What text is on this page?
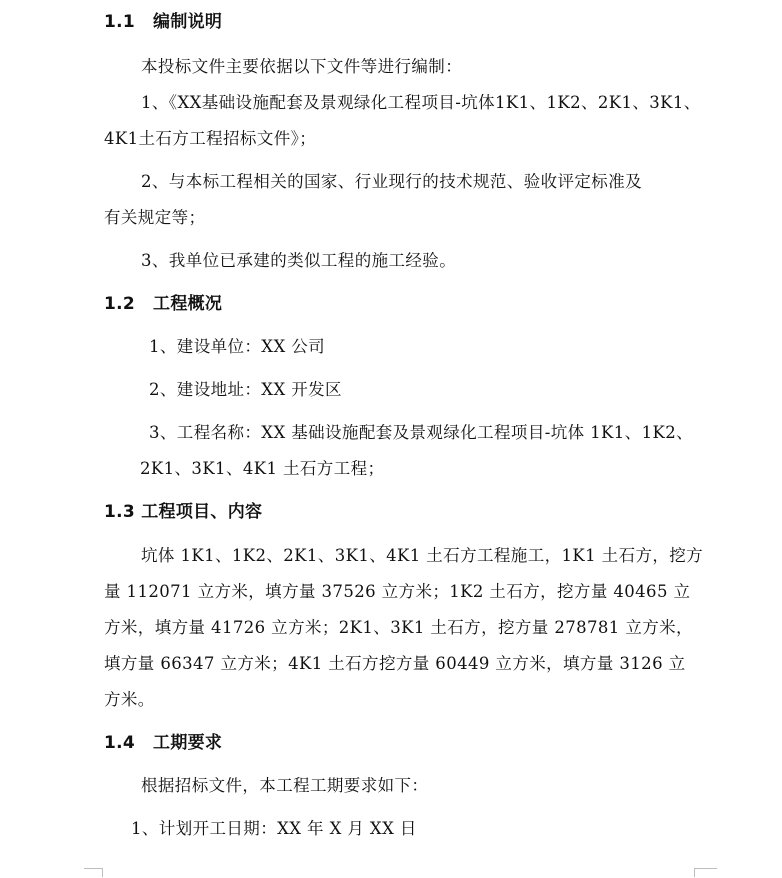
1.1 编制说明
本投标文件主要依据以下文件等进行编制：
1、《XX基础设施配套及景观绿化工程项目-坑体1K1、1K2、2K1、3K1、
4K1土石方工程招标文件》；
2、与本标工程相关的国家、行业现行的技术规范、验收评定标准及
有关规定等；
3、我单位已承建的类似工程的施工经验。
1.2 工程概况
1、建设单位：XX 公司
2、建设地址：XX 开发区
3、工程名称：XX 基础设施配套及景观绿化工程项目-坑体 1K1、1K2、
2K1、3K1、4K1 土石方工程；
1.3 工程项目、内容
坑体 1K1、1K2、2K1、3K1、4K1 土石方工程施工，1K1 土石方，挖方
量 112071 立方米，填方量 37526 立方米；1K2 土石方，挖方量 40465 立
方米，填方量 41726 立方米；2K1、3K1 土石方，挖方量 278781 立方米，
填方量 66347 立方米；4K1 土石方挖方量 60449 立方米，填方量 3126 立
方米。
1.4 工期要求
根据招标文件，本工程工期要求如下：
1、计划开工日期：XX 年 X 月 XX 日
